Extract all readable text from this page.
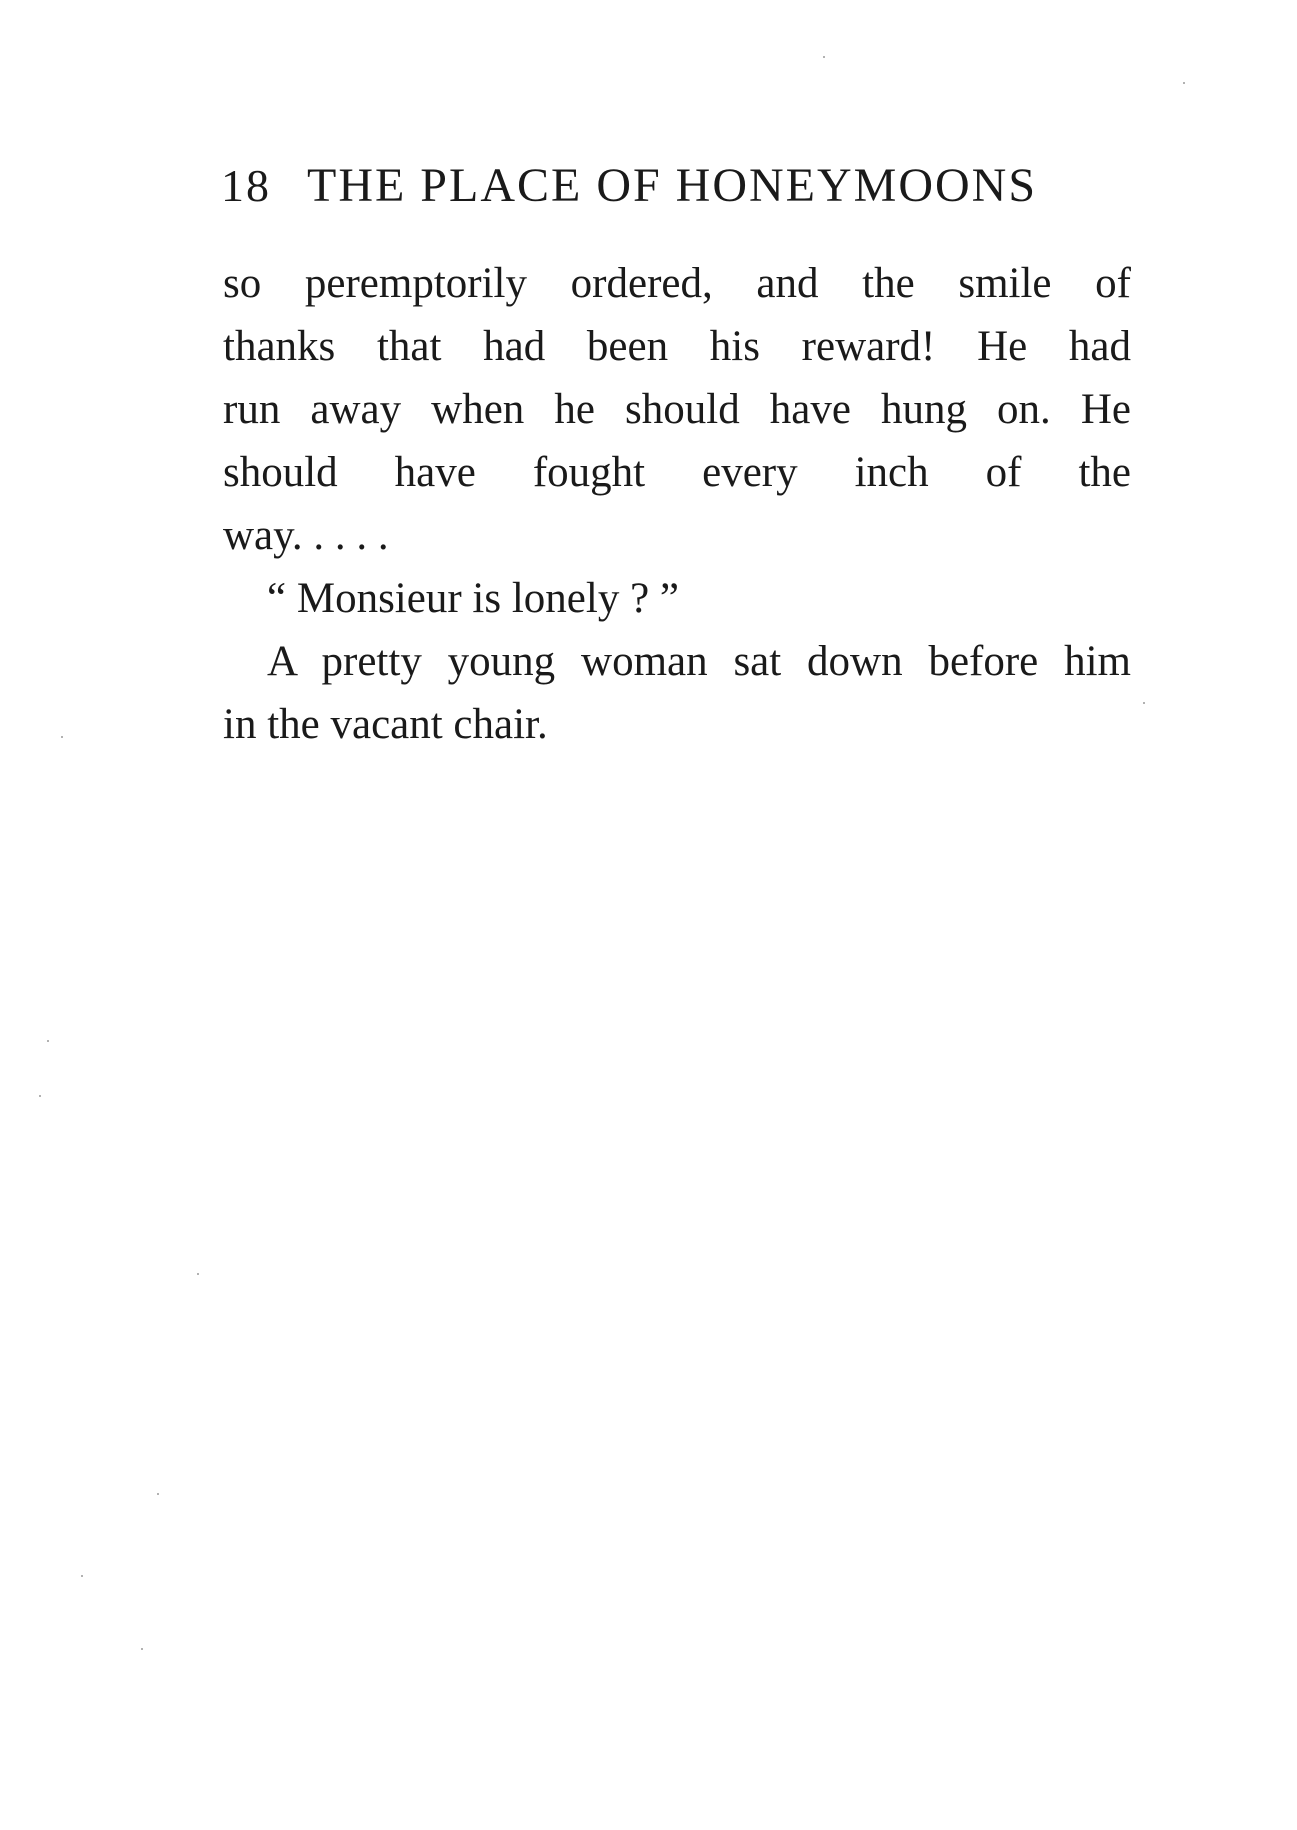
18 THE PLACE OF HONEYMOONS
so peremptorily ordered, and the smile of
thanks that had been his reward! He had
run away when he should have hung on. He
should have fought every inch of the
way. . . . .
“ Monsieur is lonely ? ”
A pretty young woman sat down before him
in the vacant chair.
